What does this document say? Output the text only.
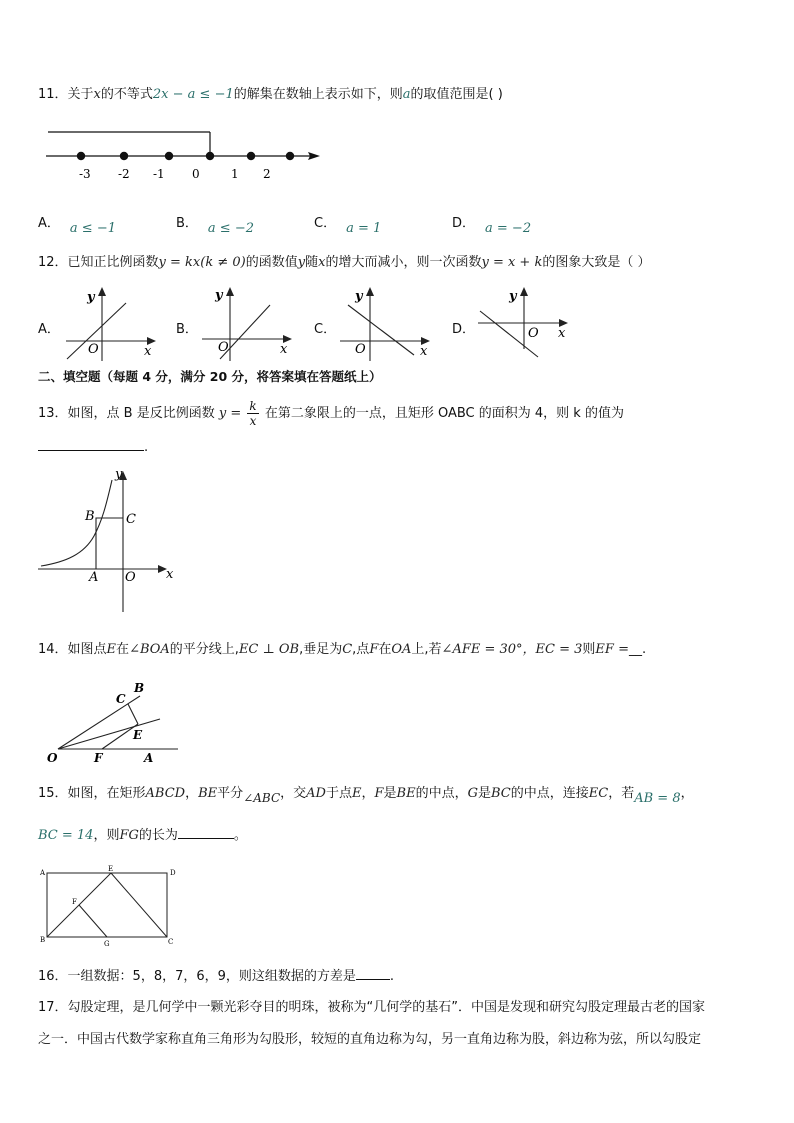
11．关于x的不等式2x − a ≤ −1的解集在数轴上表示如下，则a的取值范围是( )
-3 -2 -1 0	1 2
A． a ≤ −1	B． a ≤ −2	C． a = 1	D． a = −2
12．已知正比例函数y = kx(k ≠ 0)的函数值y随x的增大而减小，则一次函数y = x + k的图象大致是（ ）
A．	B．	C．	D．
y
x
O
y
x
O
y
x
O
y
x
O
二、填空题（每题 4 分，满分 20 分，将答案填在答题纸上）
13．如图，点 B 是反比例函数 $y = \frac{k}{x}$ 在第二象限上的一点，且矩形 OABC 的面积为 4，则 k 的值为
.
y
x
B C
A O
14．如图点E在∠BOA的平分线上,EC ⊥ OB,垂足为C,点F在OA上,若∠AFE = 30°，EC = 3则EF =__.
B
C
E
O	F	A
15．如图，在矩形ABCD，BE平分∠ABC，交AD于点E，F是BE的中点，G是BC的中点，连接EC，若AB = 8，
BC = 14，则FG的长为	。
A	E	D
F
B	G	C
16．一组数据：5，8，7，6，9，则这组数据的方差是	.
17．勾股定理，是几何学中一颗光彩夺目的明珠，被称为“几何学的基石”．中国是发现和研究勾股定理最古老的国家
之一．中国古代数学家称直角三角形为勾股形，较短的直角边称为勾，另一直角边称为股，斜边称为弦，所以勾股定
